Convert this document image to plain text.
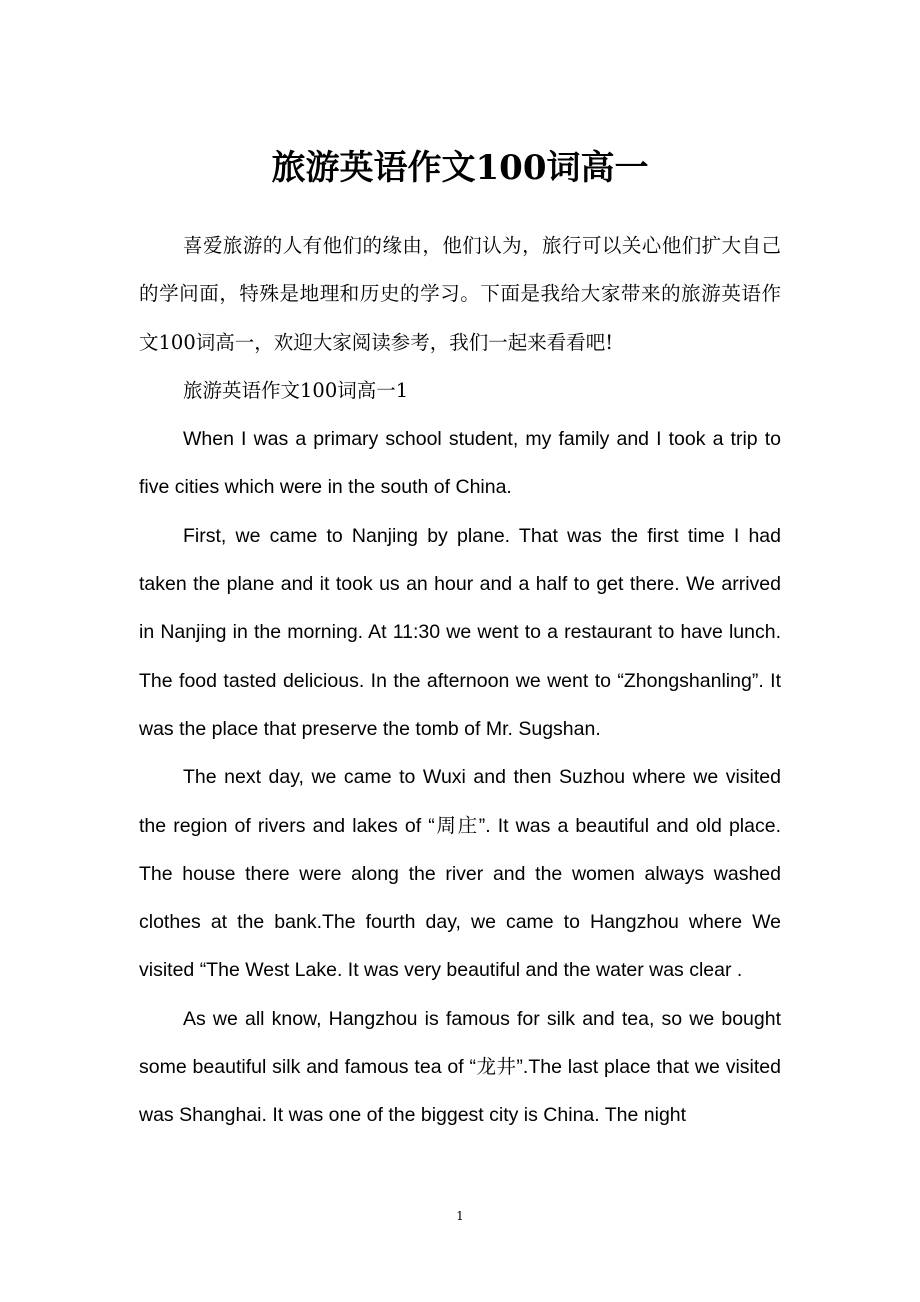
旅游英语作文100词高一

喜爱旅游的人有他们的缘由，他们认为，旅行可以关心他们扩大自己的学问面，特殊是地理和历史的学习。下面是我给大家带来的旅游英语作文100词高一，欢迎大家阅读参考，我们一起来看看吧!

旅游英语作文100词高一1

When I was a primary school student, my family and I took a trip to five cities which were in the south of China.

First, we came to Nanjing by plane. That was the first time I had taken the plane and it took us an hour and a half to get there. We arrived in Nanjing in the morning. At 11:30 we went to a restaurant to have lunch. The food tasted delicious. In the afternoon we went to “Zhongshanling”. It was the place that preserve the tomb of Mr. Sugshan.

The next day, we came to Wuxi and then Suzhou where we visited the region of rivers and lakes of “周庄”. It was a beautiful and old place. The house there were along the river and the women always washed clothes at the bank.The fourth day, we came to Hangzhou where We visited “The West Lake. It was very beautiful and the water was clear .

As we all know, Hangzhou is famous for silk and tea, so we bought some beautiful silk and famous tea of “龙井”.The last place that we visited was Shanghai. It was one of the biggest city is China. The night

1
